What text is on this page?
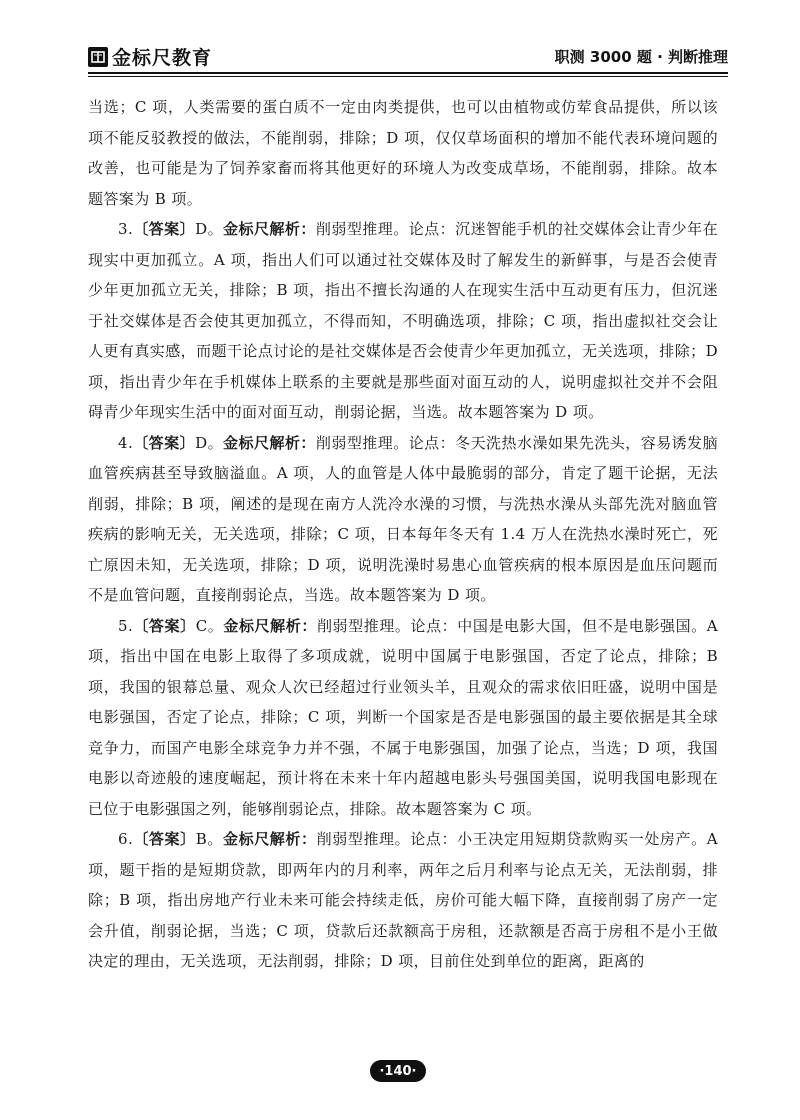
金标尺教育	职测 3000 题 · 判断推理

当选；C 项，人类需要的蛋白质不一定由肉类提供，也可以由植物或仿荤食品提供，所以该项不能反驳教授的做法，不能削弱，排除；D 项，仅仅草场面积的增加不能代表环境问题的改善，也可能是为了饲养家畜而将其他更好的环境人为改变成草场，不能削弱，排除。故本题答案为 B 项。

3.〔答案〕D。金标尺解析：削弱型推理。论点：沉迷智能手机的社交媒体会让青少年在现实中更加孤立。A 项，指出人们可以通过社交媒体及时了解发生的新鲜事，与是否会使青少年更加孤立无关，排除；B 项，指出不擅长沟通的人在现实生活中互动更有压力，但沉迷于社交媒体是否会使其更加孤立，不得而知，不明确选项，排除；C 项，指出虚拟社交会让人更有真实感，而题干论点讨论的是社交媒体是否会使青少年更加孤立，无关选项，排除；D 项，指出青少年在手机媒体上联系的主要就是那些面对面互动的人，说明虚拟社交并不会阻碍青少年现实生活中的面对面互动，削弱论据，当选。故本题答案为 D 项。

4.〔答案〕D。金标尺解析：削弱型推理。论点：冬天洗热水澡如果先洗头，容易诱发脑血管疾病甚至导致脑溢血。A 项，人的血管是人体中最脆弱的部分，肯定了题干论据，无法削弱，排除；B 项，阐述的是现在南方人洗冷水澡的习惯，与洗热水澡从头部先洗对脑血管疾病的影响无关，无关选项，排除；C 项，日本每年冬天有 1.4 万人在洗热水澡时死亡，死亡原因未知，无关选项，排除；D 项，说明洗澡时易患心血管疾病的根本原因是血压问题而不是血管问题，直接削弱论点，当选。故本题答案为 D 项。

5.〔答案〕C。金标尺解析：削弱型推理。论点：中国是电影大国，但不是电影强国。A 项，指出中国在电影上取得了多项成就，说明中国属于电影强国，否定了论点，排除；B 项，我国的银幕总量、观众人次已经超过行业领头羊，且观众的需求依旧旺盛，说明中国是电影强国，否定了论点，排除；C 项，判断一个国家是否是电影强国的最主要依据是其全球竞争力，而国产电影全球竞争力并不强，不属于电影强国，加强了论点，当选；D 项，我国电影以奇迹般的速度崛起，预计将在未来十年内超越电影头号强国美国，说明我国电影现在已位于电影强国之列，能够削弱论点，排除。故本题答案为 C 项。

6.〔答案〕B。金标尺解析：削弱型推理。论点：小王决定用短期贷款购买一处房产。A 项，题干指的是短期贷款，即两年内的月利率，两年之后月利率与论点无关，无法削弱，排除；B 项，指出房地产行业未来可能会持续走低，房价可能大幅下降，直接削弱了房产一定会升值，削弱论据，当选；C 项，贷款后还款额高于房租，还款额是否高于房租不是小王做决定的理由，无关选项，无法削弱，排除；D 项，目前住处到单位的距离，距离的

·140·
